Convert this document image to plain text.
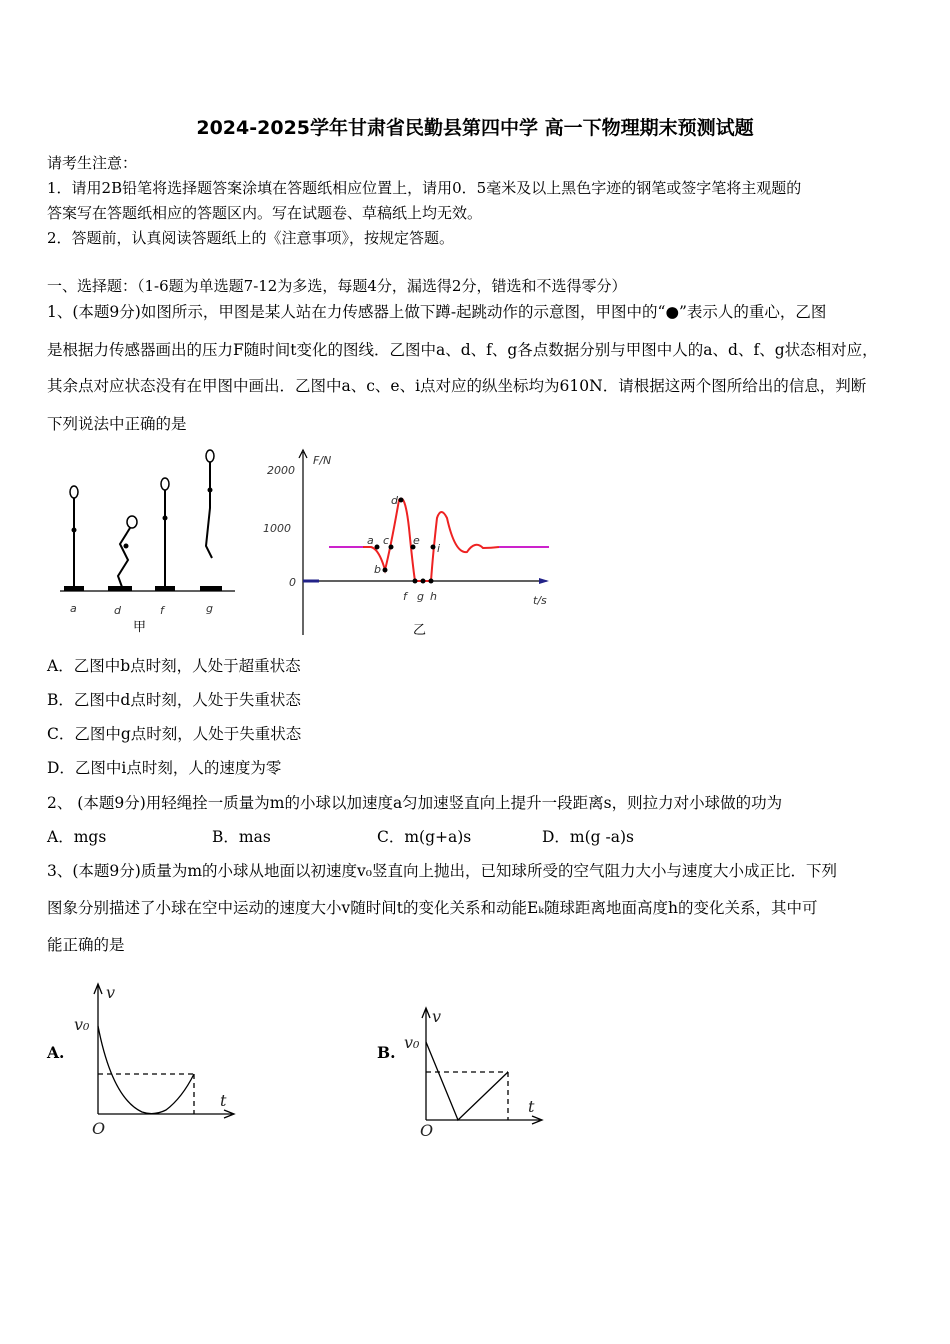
2024-2025学年甘肃省民勤县第四中学 高一下物理期末预测试题
请考生注意：
1．请用2B铅笔将选择题答案涂填在答题纸相应位置上，请用0．5毫米及以上黑色字迹的钢笔或签字笔将主观题的
答案写在答题纸相应的答题区内。写在试题卷、草稿纸上均无效。
2．答题前，认真阅读答题纸上的《注意事项》，按规定答题。
一、选择题：（1-6题为单选题7-12为多选，每题4分，漏选得2分，错选和不选得零分）
1、(本题9分)如图所示，甲图是某人站在力传感器上做下蹲-起跳动作的示意图，甲图中的“●”表示人的重心，乙图
是根据力传感器画出的压力F随时间t变化的图线．乙图中a、d、f、g各点数据分别与甲图中人的a、d、f、g状态相对应，
其余点对应状态没有在甲图中画出．乙图中a、c、e、i点对应的纵坐标均为610N．请根据这两个图所给出的信息，判断
下列说法中正确的是
a	d	f	g
甲
F/N
2000
1000
0
t/s
a
b
c
d
e
i
f g h
乙
A．乙图中b点时刻，人处于超重状态
B．乙图中d点时刻，人处于失重状态
C．乙图中g点时刻，人处于失重状态
D．乙图中i点时刻，人的速度为零
2、 (本题9分)用轻绳拴一质量为m的小球以加速度a匀加速竖直向上提升一段距离s，则拉力对小球做的功为
A．mgs	B．mas	C．m(g+a)s	D．m(g -a)s
3、(本题9分)质量为m的小球从地面以初速度v₀竖直向上抛出，已知球所受的空气阻力大小与速度大小成正比．下列
图象分别描述了小球在空中运动的速度大小v随时间t的变化关系和动能Eₖ随球距离地面高度h的变化关系，其中可
能正确的是
A.
v
v₀
t
O
B.
v
v₀
t
O
